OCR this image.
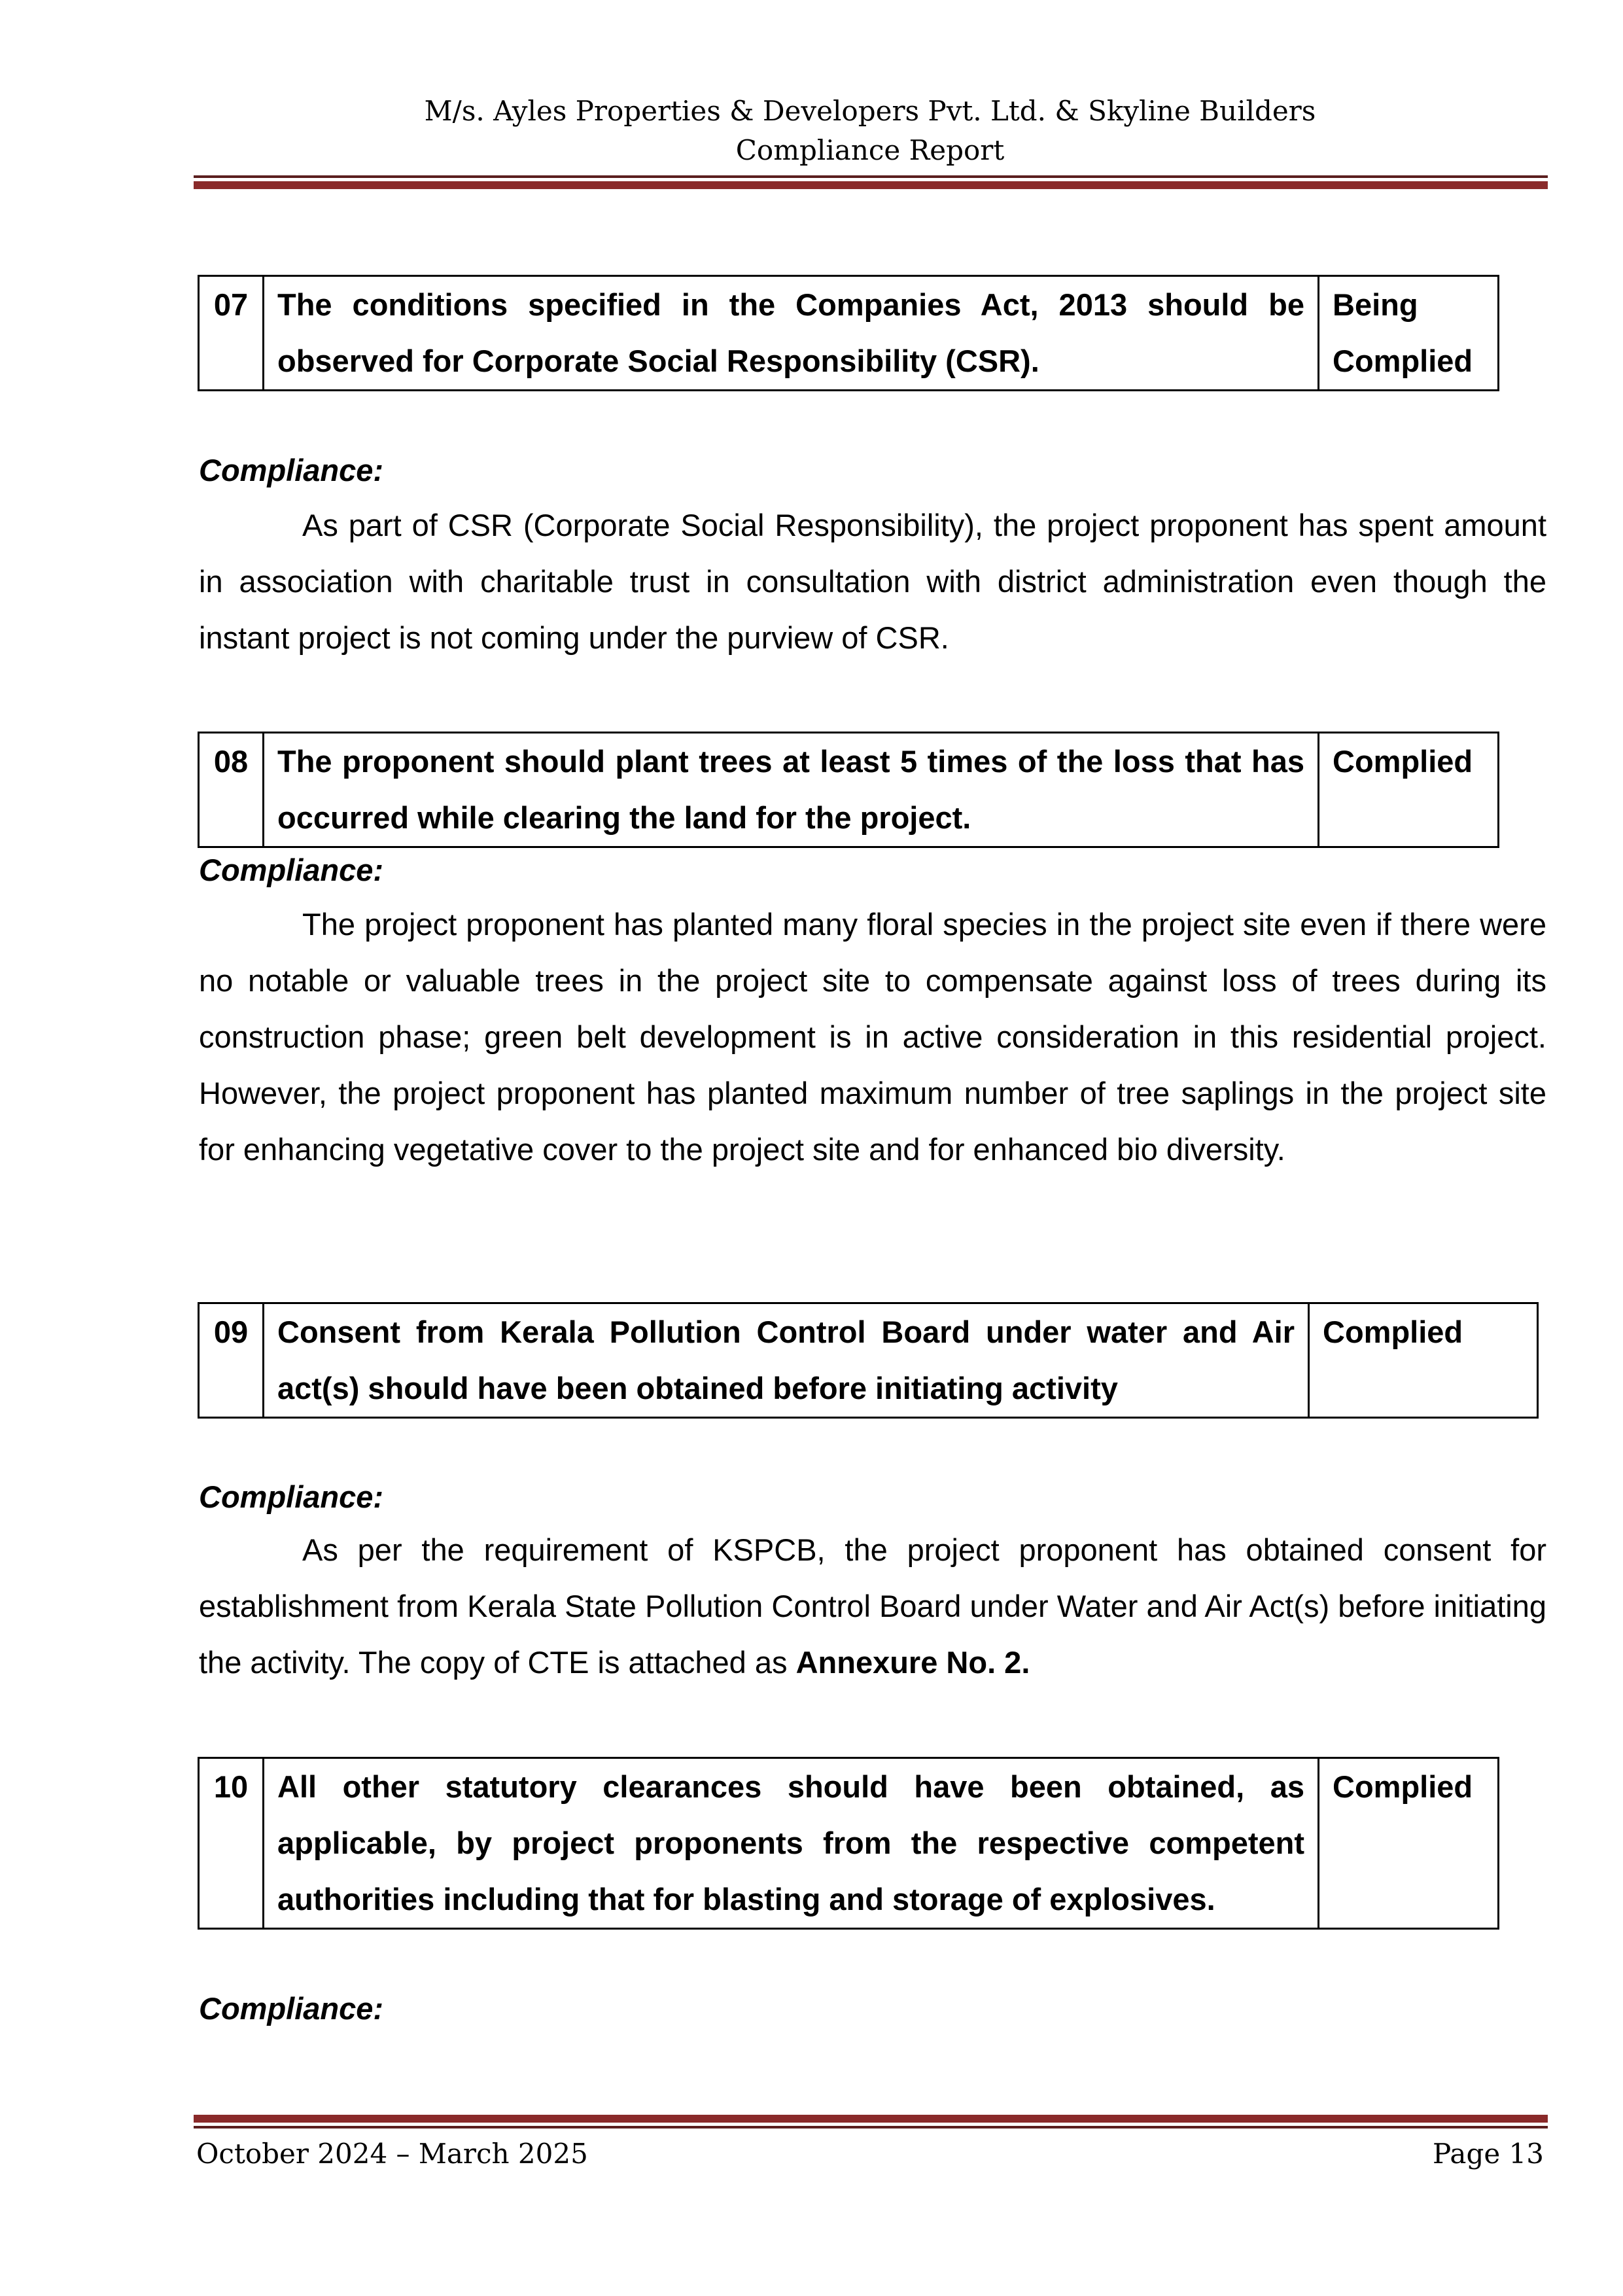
M/s. Ayles Properties & Developers Pvt. Ltd. & Skyline Builders
Compliance Report
07	The conditions specified in the Companies Act, 2013 should be observed for Corporate Social Responsibility (CSR).	Being Complied
Compliance:
As part of CSR (Corporate Social Responsibility), the project proponent has spent amount in association with charitable trust in consultation with district administration even though the instant project is not coming under the purview of CSR.
08	The proponent should plant trees at least 5 times of the loss that has occurred while clearing the land for the project.	Complied
Compliance:
The project proponent has planted many floral species in the project site even if there were no notable or valuable trees in the project site to compensate against loss of trees during its construction phase; green belt development is in active consideration in this residential project. However, the project proponent has planted maximum number of tree saplings in the project site for enhancing vegetative cover to the project site and for enhanced bio diversity.
09	Consent from Kerala Pollution Control Board under water and Air act(s) should have been obtained before initiating activity	Complied
Compliance:
As per the requirement of KSPCB, the project proponent has obtained consent for establishment from Kerala State Pollution Control Board under Water and Air Act(s) before initiating the activity. The copy of CTE is attached as Annexure No. 2.
10	All other statutory clearances should have been obtained, as applicable, by project proponents from the respective competent authorities including that for blasting and storage of explosives.	Complied
Compliance:
October 2024 – March 2025	Page 13
